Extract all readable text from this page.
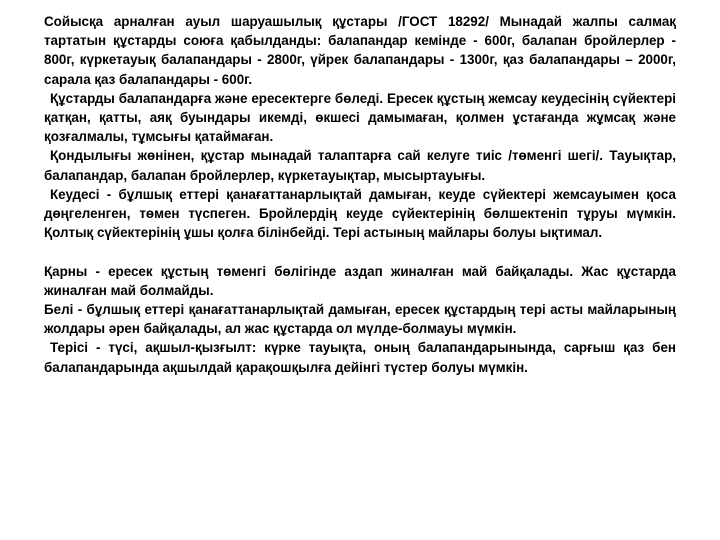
Сойысқа арналған ауыл шаруашылық құстары /ГОСТ 18292/ Мынадай жалпы салмақ тартатын құстарды союға қабылданды: балапандар кемінде - 600г, балапан бройлерлер - 800г, күркетауық балапандары - 2800г, үйрек балапандары - 1300г, қаз балапандары – 2000г, сарала қаз балапандары - 600г.

Құстарды балапандарға және ересектерге бөледі. Ересек құстың жемсау кеудесінің сүйектері қатқан, қатты, аяқ буындары икемді, өкшесі дамымаған, қолмен ұстағанда жұмсақ және қозғалмалы, тұмсығы қатаймаған.

Қондылығы жөнінен, құстар мынадай талаптарға сай келуге тиіс /төменгі шегі/. Тауықтар, балапандар, балапан бройлерлер, күркетауықтар, мысыртауығы.

Кеудесі - бұлшық еттері қанағаттанарлықтай дамыған, кеуде сүйектері жемсауымен қоса дөңгеленген, төмен түспеген. Бройлердің кеуде сүйектерінің бөлшектеніп тұруы мүмкін. Қолтық сүйектерінің ұшы қолға білінбейді. Тері астының майлары болуы ықтимал.

Қарны - ересек құстың төменгі бөлігінде аздап жиналған май байқалады. Жас құстарда жиналған май болмайды.

Белі - бұлшық еттері қанағаттанарлықтай дамыған, ересек құстардың тері асты майларының жолдары әрен байқалады, ал жас құстарда ол мүлде-болмауы мүмкін.

Терісі - түсі, ақшыл-қызғылт: күрке тауықта, оның балапандарынында, сарғыш қаз бен балапандарында ақшылдай қарақошқылға дейінгі түстер болуы мүмкін.
